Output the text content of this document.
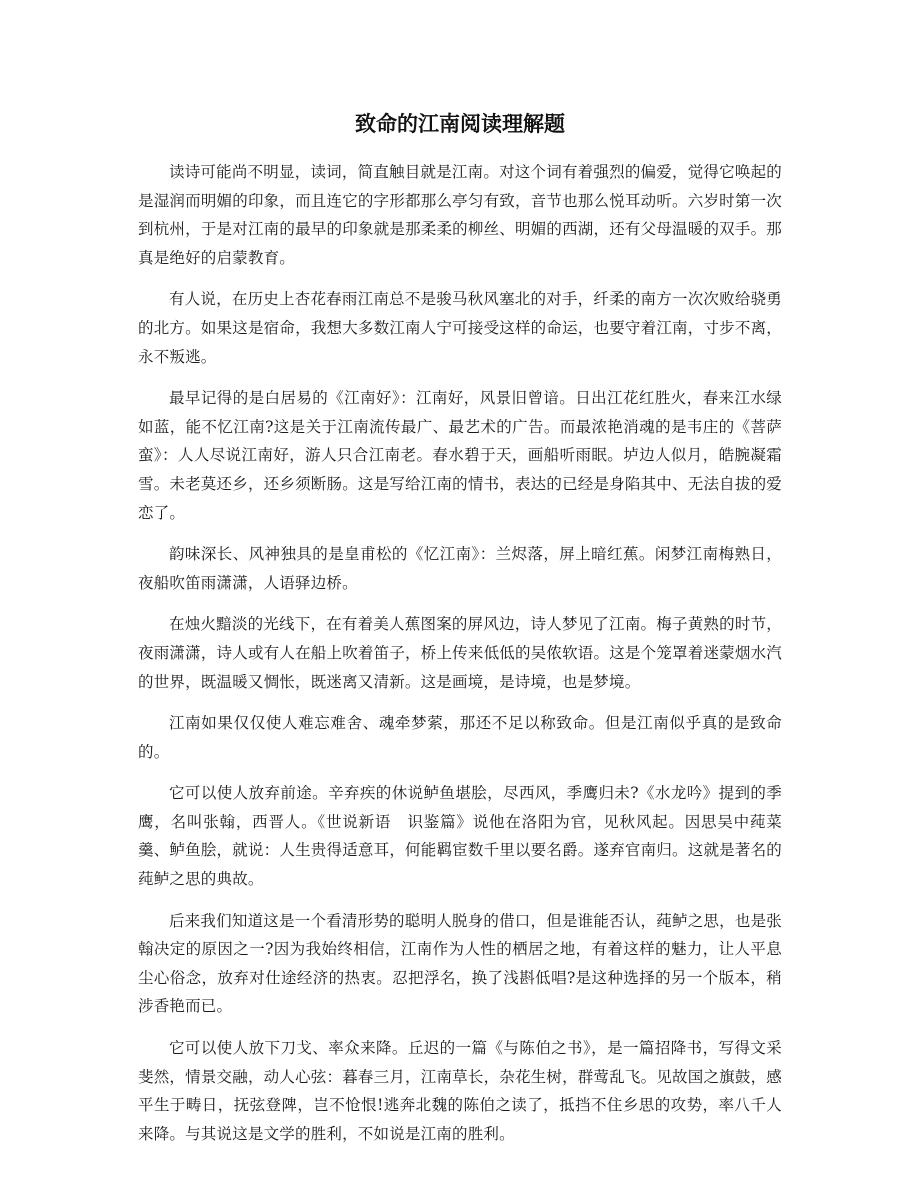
致命的江南阅读理解题

读诗可能尚不明显，读词，简直触目就是江南。对这个词有着强烈的偏爱，觉得它唤起的是湿润而明媚的印象，而且连它的字形都那么亭匀有致，音节也那么悦耳动听。六岁时第一次到杭州，于是对江南的最早的印象就是那柔柔的柳丝、明媚的西湖，还有父母温暖的双手。那真是绝好的启蒙教育。

有人说，在历史上杏花春雨江南总不是骏马秋风塞北的对手，纤柔的南方一次次败给骁勇的北方。如果这是宿命，我想大多数江南人宁可接受这样的命运，也要守着江南，寸步不离，永不叛逃。

最早记得的是白居易的《江南好》：江南好，风景旧曾谙。日出江花红胜火，春来江水绿如蓝，能不忆江南?这是关于江南流传最广、最艺术的广告。而最浓艳消魂的是韦庄的《菩萨蛮》：人人尽说江南好，游人只合江南老。春水碧于天，画船听雨眠。垆边人似月，皓腕凝霜雪。未老莫还乡，还乡须断肠。这是写给江南的情书，表达的已经是身陷其中、无法自拔的爱恋了。

韵味深长、风神独具的是皇甫松的《忆江南》：兰烬落，屏上暗红蕉。闲梦江南梅熟日，夜船吹笛雨潇潇，人语驿边桥。

在烛火黯淡的光线下，在有着美人蕉图案的屏风边，诗人梦见了江南。梅子黄熟的时节，夜雨潇潇，诗人或有人在船上吹着笛子，桥上传来低低的吴侬软语。这是个笼罩着迷蒙烟水汽的世界，既温暖又惆怅，既迷离又清新。这是画境，是诗境，也是梦境。

江南如果仅仅使人难忘难舍、魂牵梦萦，那还不足以称致命。但是江南似乎真的是致命的。

它可以使人放弃前途。辛弃疾的休说鲈鱼堪脍，尽西风，季鹰归未?《水龙吟》提到的季鹰，名叫张翰，西晋人。《世说新语　识鉴篇》说他在洛阳为官，见秋风起。因思吴中莼菜羹、鲈鱼脍，就说：人生贵得适意耳，何能羁宦数千里以要名爵。遂弃官南归。这就是著名的莼鲈之思的典故。

后来我们知道这是一个看清形势的聪明人脱身的借口，但是谁能否认，莼鲈之思，也是张翰决定的原因之一?因为我始终相信，江南作为人性的栖居之地，有着这样的魅力，让人平息尘心俗念，放弃对仕途经济的热衷。忍把浮名，换了浅斟低唱?是这种选择的另一个版本，稍涉香艳而已。

它可以使人放下刀戈、率众来降。丘迟的一篇《与陈伯之书》，是一篇招降书，写得文采斐然，情景交融，动人心弦：暮春三月，江南草长，杂花生树，群莺乱飞。见故国之旗鼓，感平生于畴日，抚弦登陴，岂不怆恨!逃奔北魏的陈伯之读了，抵挡不住乡思的攻势，率八千人来降。与其说这是文学的胜利，不如说是江南的胜利。
